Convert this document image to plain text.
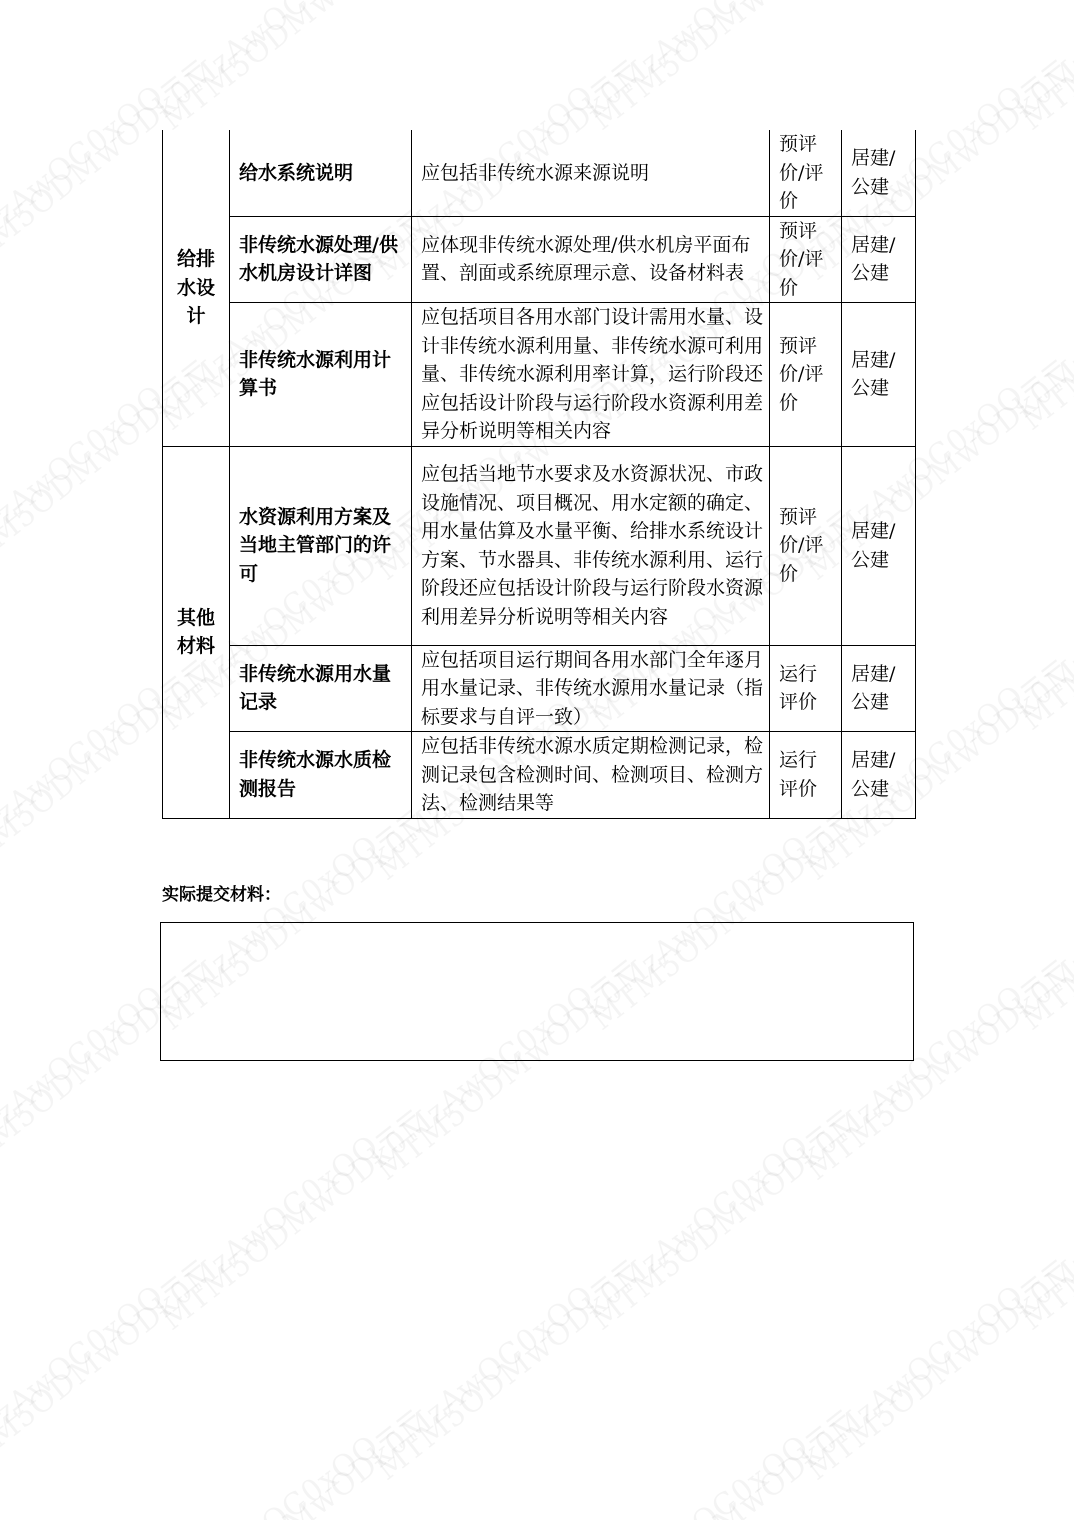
给排水设计	给水系统说明	应包括非传统水源来源说明	预评价/评价	居建/公建
	非传统水源处理/供水机房设计详图	应体现非传统水源处理/供水机房平面布置、剖面或系统原理示意、设备材料表	预评价/评价	居建/公建
	非传统水源利用计算书	应包括项目各用水部门设计需用水量、设计非传统水源利用量、非传统水源可利用量、非传统水源利用率计算，运行阶段还应包括设计阶段与运行阶段水资源利用差异分析说明等相关内容	预评价/评价	居建/公建
其他材料	水资源利用方案及当地主管部门的许可	应包括当地节水要求及水资源状况、市政设施情况、项目概况、用水定额的确定、用水量估算及水量平衡、给排水系统设计方案、节水器具、非传统水源利用、运行阶段还应包括设计阶段与运行阶段水资源利用差异分析说明等相关内容	预评价/评价	居建/公建
	非传统水源用水量记录	应包括项目运行期间各用水部门全年逐月用水量记录、非传统水源用水量记录（指标要求与自评一致）	运行评价	居建/公建
	非传统水源水质检测报告	应包括非传统水源水质定期检测记录，检测记录包含检测时间、检测项目、检测方法、检测结果等	运行评价	居建/公建
实际提交材料：
